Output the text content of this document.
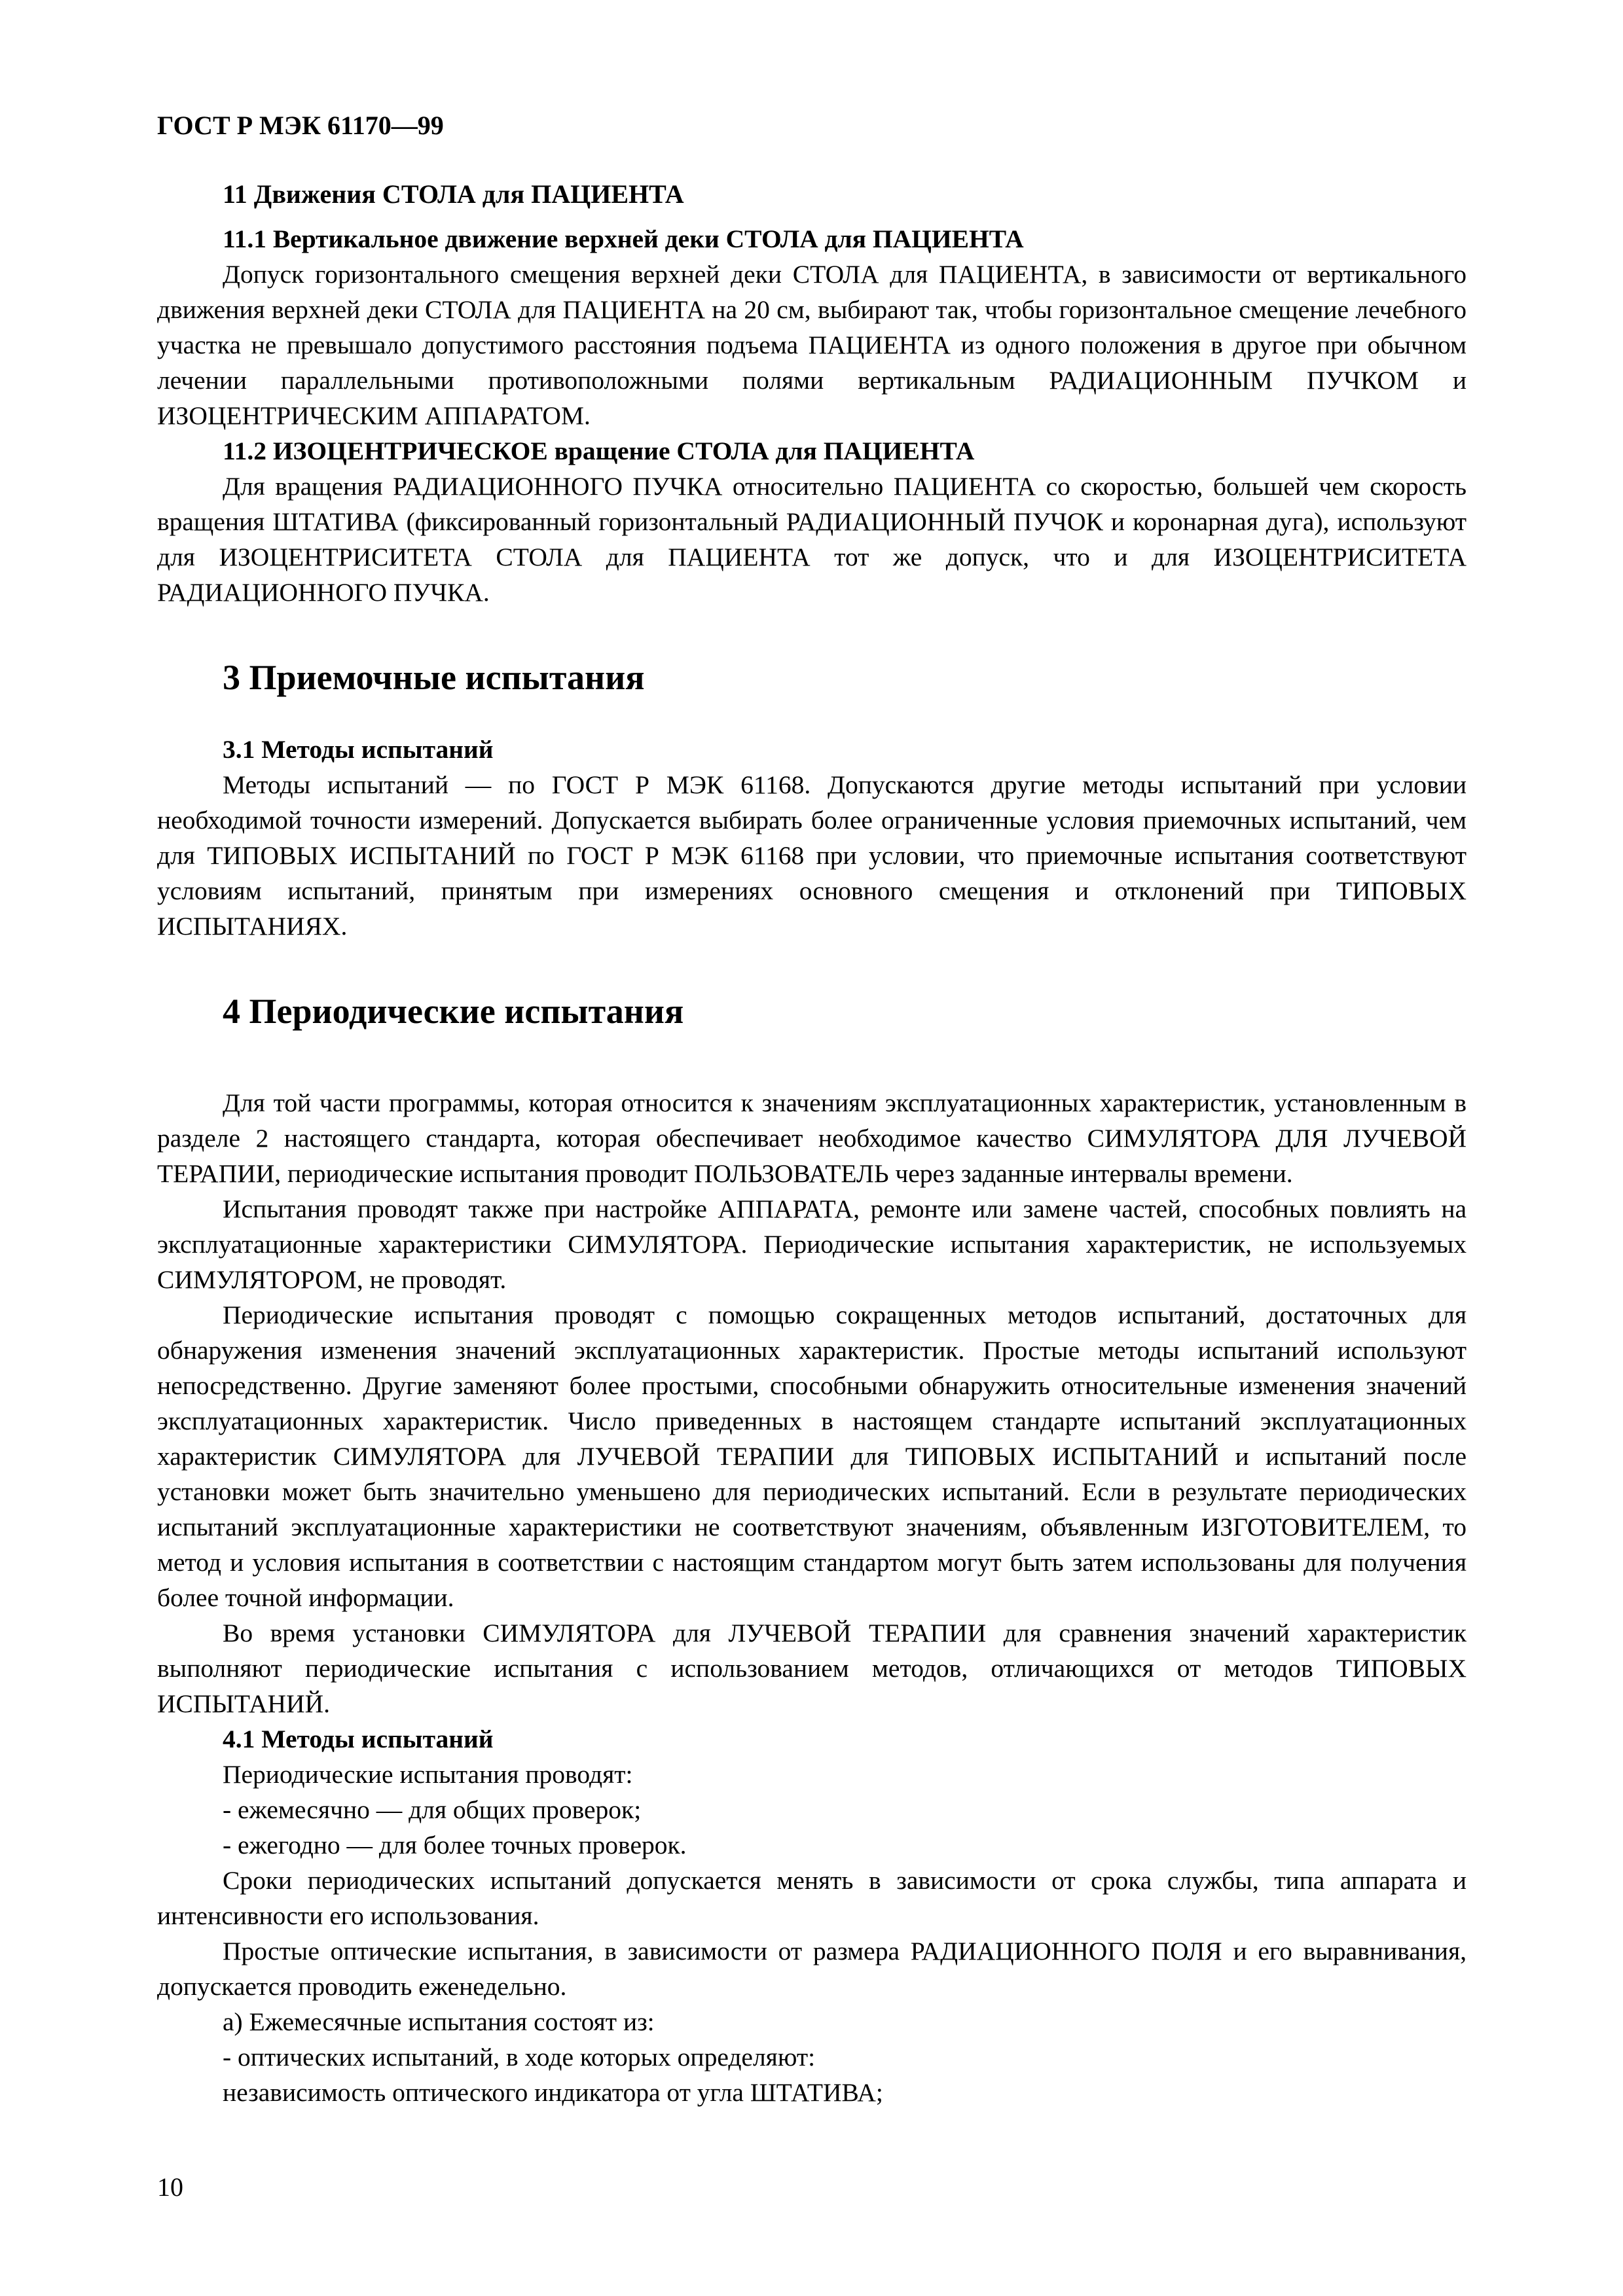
ГОСТ Р МЭК 61170—99

11 Движения СТОЛА для ПАЦИЕНТА

11.1 Вертикальное движение верхней деки СТОЛА для ПАЦИЕНТА

Допуск горизонтального смещения верхней деки СТОЛА для ПАЦИЕНТА, в зависимости от вертикального движения верхней деки СТОЛА для ПАЦИЕНТА на 20 см, выбирают так, чтобы горизонтальное смещение лечебного участка не превышало допустимого расстояния подъема ПАЦИЕНТА из одного положения в другое при обычном лечении параллельными противоположными полями вертикальным РАДИАЦИОННЫМ ПУЧКОМ и ИЗОЦЕНТРИЧЕСКИМ АППАРАТОМ.

11.2 ИЗОЦЕНТРИЧЕСКОЕ вращение СТОЛА для ПАЦИЕНТА

Для вращения РАДИАЦИОННОГО ПУЧКА относительно ПАЦИЕНТА со скоростью, большей чем скорость вращения ШТАТИВА (фиксированный горизонтальный РАДИАЦИОННЫЙ ПУЧОК и коронарная дуга), используют для ИЗОЦЕНТРИСИТЕТА СТОЛА для ПАЦИЕНТА тот же допуск, что и для ИЗОЦЕНТРИСИТЕТА РАДИАЦИОННОГО ПУЧКА.

3 Приемочные испытания

3.1 Методы испытаний

Методы испытаний — по ГОСТ Р МЭК 61168. Допускаются другие методы испытаний при условии необходимой точности измерений. Допускается выбирать более ограниченные условия приемочных испытаний, чем для ТИПОВЫХ ИСПЫТАНИЙ по ГОСТ Р МЭК 61168 при условии, что приемочные испытания соответствуют условиям испытаний, принятым при измерениях основного смещения и отклонений при ТИПОВЫХ ИСПЫТАНИЯХ.

4 Периодические испытания

Для той части программы, которая относится к значениям эксплуатационных характеристик, установленным в разделе 2 настоящего стандарта, которая обеспечивает необходимое качество СИМУЛЯТОРА ДЛЯ ЛУЧЕВОЙ ТЕРАПИИ, периодические испытания проводит ПОЛЬЗОВАТЕЛЬ через заданные интервалы времени.

Испытания проводят также при настройке АППАРАТА, ремонте или замене частей, способных повлиять на эксплуатационные характеристики СИМУЛЯТОРА. Периодические испытания характеристик, не используемых СИМУЛЯТОРОМ, не проводят.

Периодические испытания проводят с помощью сокращенных методов испытаний, достаточных для обнаружения изменения значений эксплуатационных характеристик. Простые методы испытаний используют непосредственно. Другие заменяют более простыми, способными обнаружить относительные изменения значений эксплуатационных характеристик. Число приведенных в настоящем стандарте испытаний эксплуатационных характеристик СИМУЛЯТОРА для ЛУЧЕВОЙ ТЕРАПИИ для ТИПОВЫХ ИСПЫТАНИЙ и испытаний после установки может быть значительно уменьшено для периодических испытаний. Если в результате периодических испытаний эксплуатационные характеристики не соответствуют значениям, объявленным ИЗГОТОВИТЕЛЕМ, то метод и условия испытания в соответствии с настоящим стандартом могут быть затем использованы для получения более точной информации.

Во время установки СИМУЛЯТОРА для ЛУЧЕВОЙ ТЕРАПИИ для сравнения значений характеристик выполняют периодические испытания с использованием методов, отличающихся от методов ТИПОВЫХ ИСПЫТАНИЙ.

4.1 Методы испытаний

Периодические испытания проводят:

- ежемесячно — для общих проверок;

- ежегодно — для более точных проверок.

Сроки периодических испытаний допускается менять в зависимости от срока службы, типа аппарата и интенсивности его использования.

Простые оптические испытания, в зависимости от размера РАДИАЦИОННОГО ПОЛЯ и его выравнивания, допускается проводить еженедельно.

а) Ежемесячные испытания состоят из:

- оптических испытаний, в ходе которых определяют:

независимость оптического индикатора от угла ШТАТИВА;

10
